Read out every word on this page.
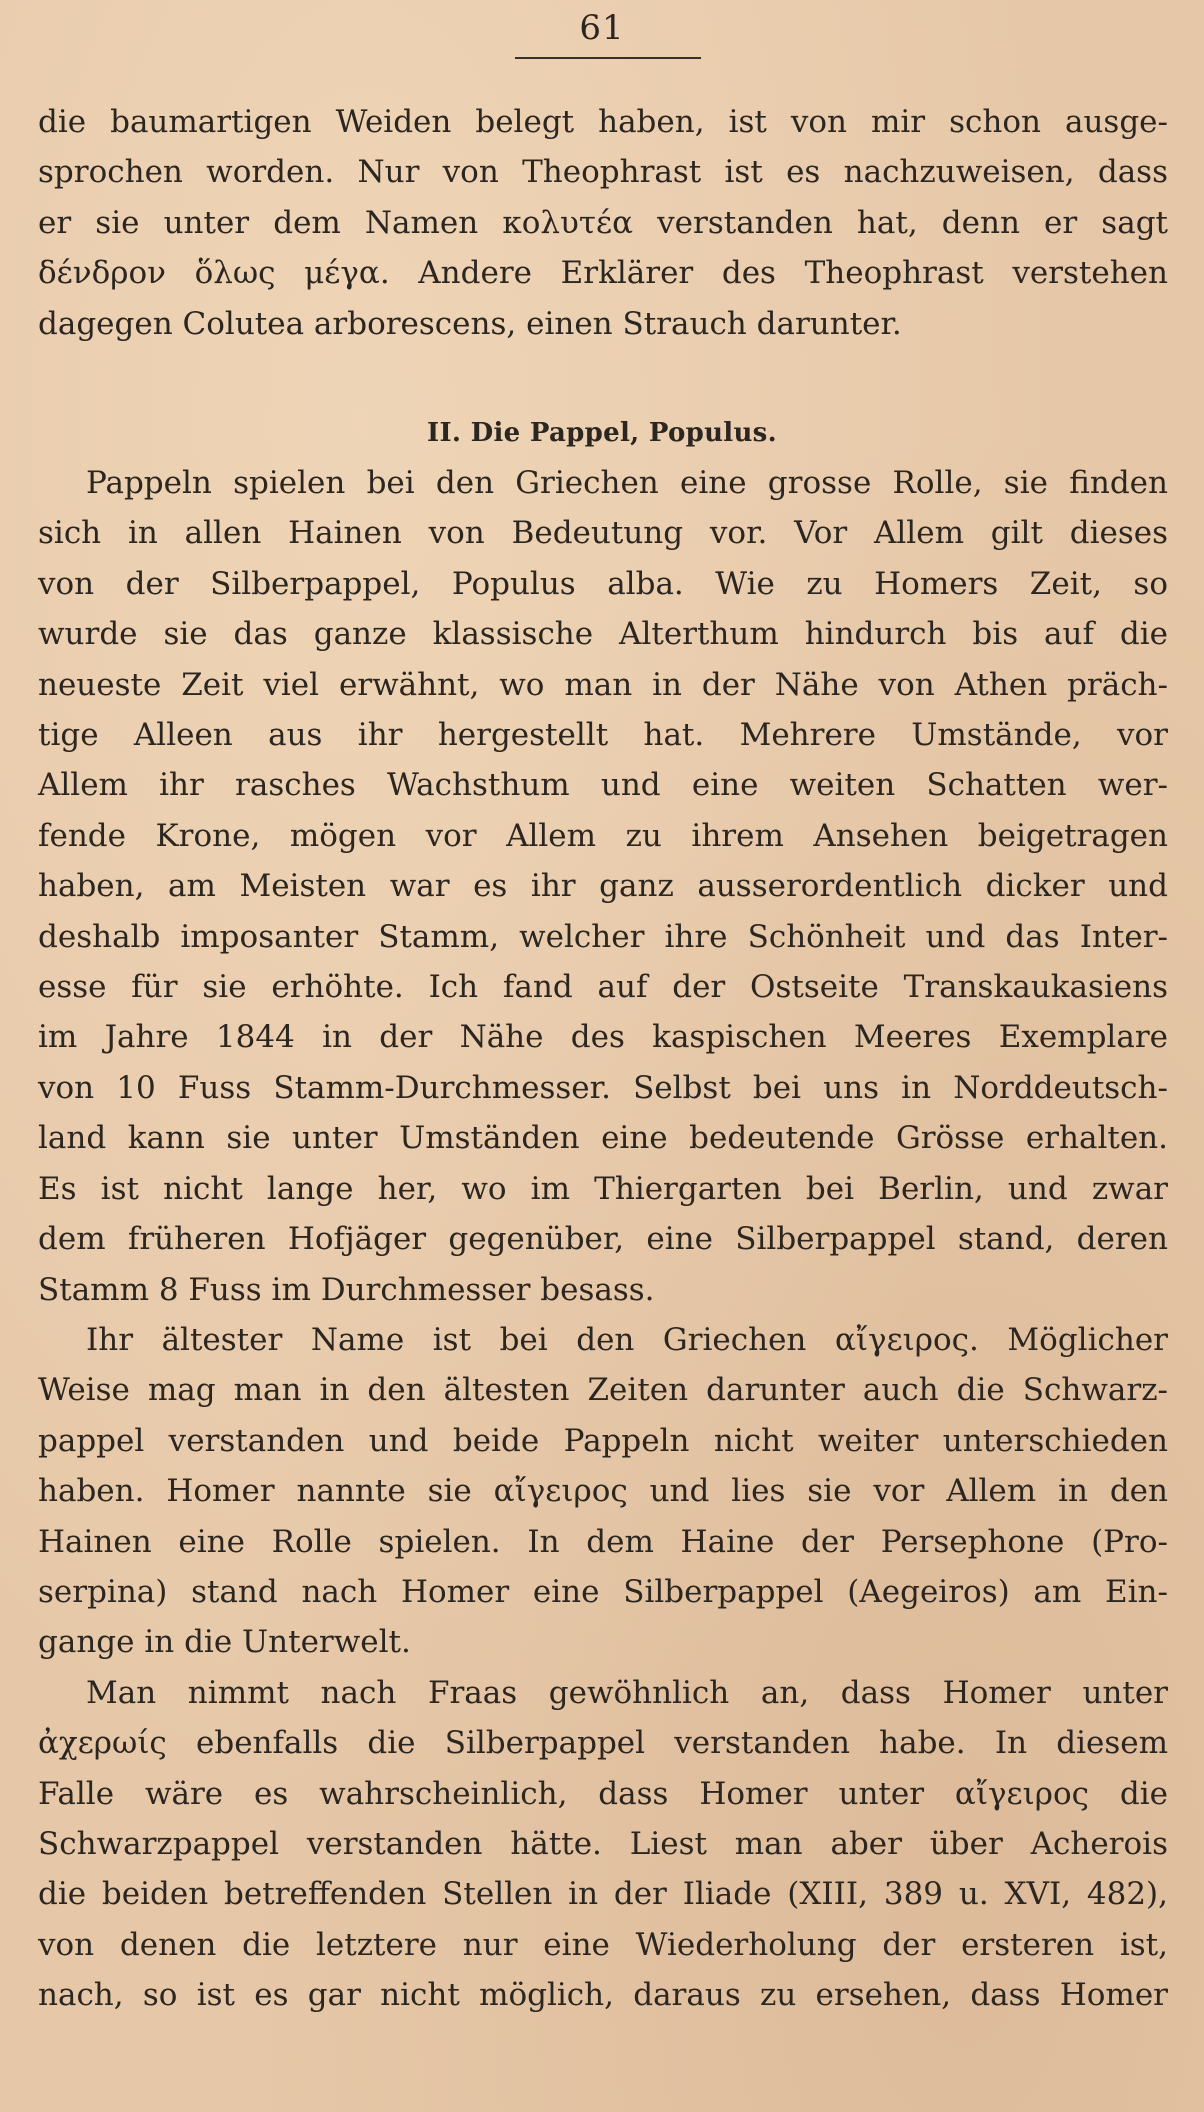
61

die baumartigen Weiden belegt haben, ist von mir schon ausge-

sprochen worden. Nur von Theophrast ist es nachzuweisen, dass

er sie unter dem Namen κολυτέα verstanden hat, denn er sagt

δένδρον ὅλως μέγα. Andere Erklärer des Theophrast verstehen

dagegen Colutea arborescens, einen Strauch darunter.

II. Die Pappel, Populus.

Pappeln spielen bei den Griechen eine grosse Rolle, sie finden

sich in allen Hainen von Bedeutung vor. Vor Allem gilt dieses

von der Silberpappel, Populus alba. Wie zu Homers Zeit, so

wurde sie das ganze klassische Alterthum hindurch bis auf die

neueste Zeit viel erwähnt, wo man in der Nähe von Athen präch-

tige Alleen aus ihr hergestellt hat. Mehrere Umstände, vor

Allem ihr rasches Wachsthum und eine weiten Schatten wer-

fende Krone, mögen vor Allem zu ihrem Ansehen beigetragen

haben, am Meisten war es ihr ganz ausserordentlich dicker und

deshalb imposanter Stamm, welcher ihre Schönheit und das Inter-

esse für sie erhöhte. Ich fand auf der Ostseite Transkaukasiens

im Jahre 1844 in der Nähe des kaspischen Meeres Exemplare

von 10 Fuss Stamm-Durchmesser. Selbst bei uns in Norddeutsch-

land kann sie unter Umständen eine bedeutende Grösse erhalten.

Es ist nicht lange her, wo im Thiergarten bei Berlin, und zwar

dem früheren Hofjäger gegenüber, eine Silberpappel stand, deren

Stamm 8 Fuss im Durchmesser besass.

Ihr ältester Name ist bei den Griechen αἴγειρος. Möglicher

Weise mag man in den ältesten Zeiten darunter auch die Schwarz-

pappel verstanden und beide Pappeln nicht weiter unterschieden

haben. Homer nannte sie αἴγειρος und lies sie vor Allem in den

Hainen eine Rolle spielen. In dem Haine der Persephone (Pro-

serpina) stand nach Homer eine Silberpappel (Aegeiros) am Ein-

gange in die Unterwelt.

Man nimmt nach Fraas gewöhnlich an, dass Homer unter

ἀχερωίς ebenfalls die Silberpappel verstanden habe. In diesem

Falle wäre es wahrscheinlich, dass Homer unter αἴγειρος die

Schwarzpappel verstanden hätte. Liest man aber über Acherois

die beiden betreffenden Stellen in der Iliade (XIII, 389 u. XVI, 482),

von denen die letztere nur eine Wiederholung der ersteren ist,

nach, so ist es gar nicht möglich, daraus zu ersehen, dass Homer
